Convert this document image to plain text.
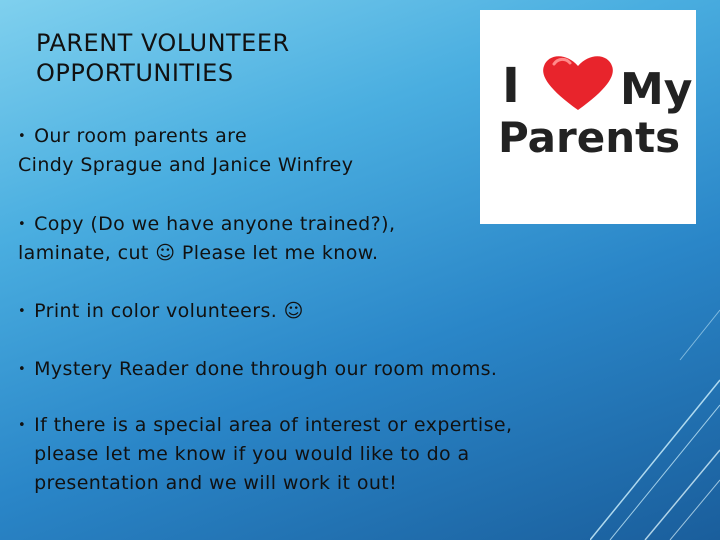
PARENT VOLUNTEER
OPPORTUNITIES
• Our room parents are
Cindy Sprague and Janice Winfrey
• Copy (Do we have anyone trained?),
laminate, cut ☺ Please let me know.
• Print in color volunteers. ☺
• Mystery Reader done through our room moms.
• If there is a special area of interest or expertise, please let me know if you would like to do a presentation and we will work it out!
I My
Parents
